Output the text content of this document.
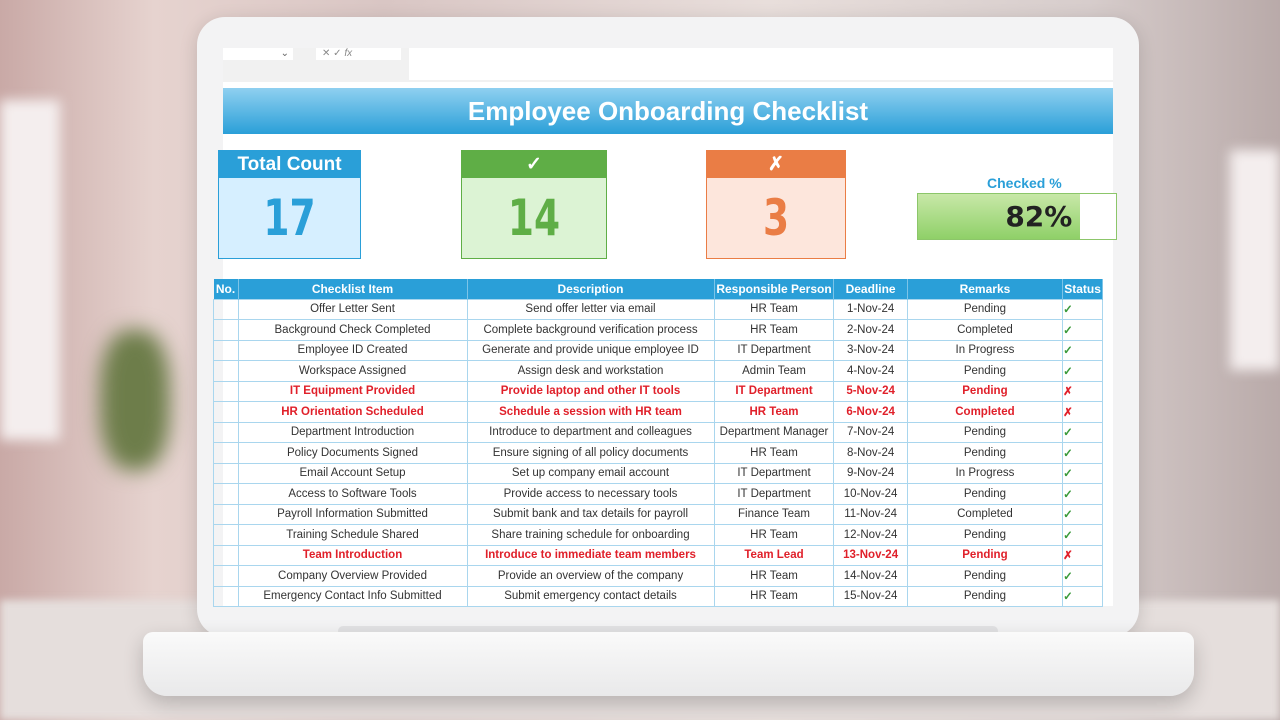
⌄	✕ ✓ fx
Employee Onboarding Checklist
Total Count
17
✓
14
✗
3
Checked %
82%
No.	Checklist Item	Description	Responsible Person	Deadline	Remarks	Status
	Offer Letter Sent	Send offer letter via email	HR Team	1-Nov-24	Pending	✓
	Background Check Completed	Complete background verification process	HR Team	2-Nov-24	Completed	✓
	Employee ID Created	Generate and provide unique employee ID	IT Department	3-Nov-24	In Progress	✓
	Workspace Assigned	Assign desk and workstation	Admin Team	4-Nov-24	Pending	✓
	IT Equipment Provided	Provide laptop and other IT tools	IT Department	5-Nov-24	Pending	✗
	HR Orientation Scheduled	Schedule a session with HR team	HR Team	6-Nov-24	Completed	✗
	Department Introduction	Introduce to department and colleagues	Department Manager	7-Nov-24	Pending	✓
	Policy Documents Signed	Ensure signing of all policy documents	HR Team	8-Nov-24	Pending	✓
	Email Account Setup	Set up company email account	IT Department	9-Nov-24	In Progress	✓
	Access to Software Tools	Provide access to necessary tools	IT Department	10-Nov-24	Pending	✓
	Payroll Information Submitted	Submit bank and tax details for payroll	Finance Team	11-Nov-24	Completed	✓
	Training Schedule Shared	Share training schedule for onboarding	HR Team	12-Nov-24	Pending	✓
	Team Introduction	Introduce to immediate team members	Team Lead	13-Nov-24	Pending	✗
	Company Overview Provided	Provide an overview of the company	HR Team	14-Nov-24	Pending	✓
	Emergency Contact Info Submitted	Submit emergency contact details	HR Team	15-Nov-24	Pending	✓
